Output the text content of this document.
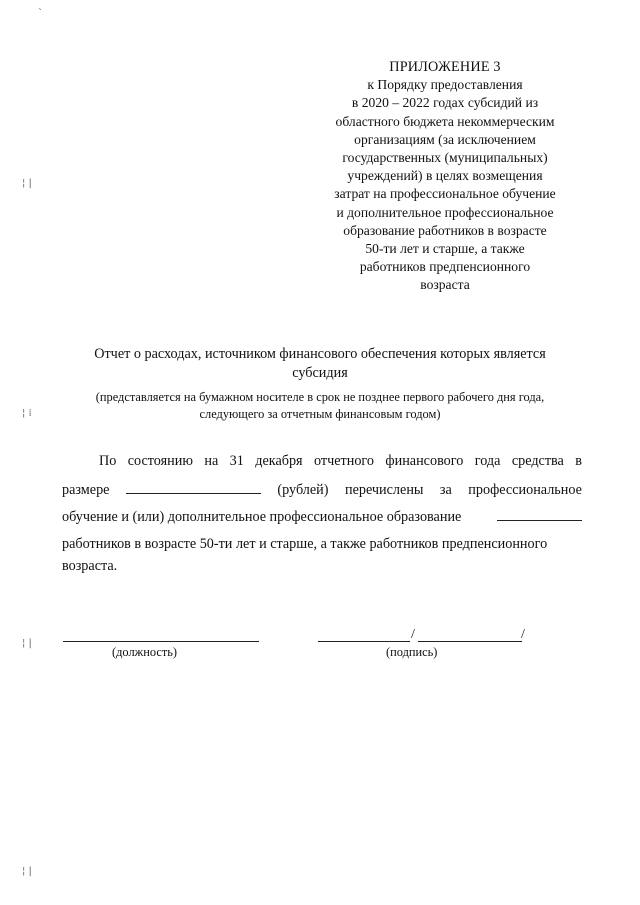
ПРИЛОЖЕНИЕ 3
к Порядку предоставления
в 2020 – 2022 годах субсидий из
областного бюджета некоммерческим
организациям (за исключением
государственных (муниципальных)
учреждений) в целях возмещения
затрат на профессиональное обучение
и дополнительное профессиональное
образование работников в возрасте
50-ти лет и старше, а также
работников предпенсионного
возраста
Отчет о расходах, источником финансового обеспечения которых является
субсидия
(представляется на бумажном носителе в срок не позднее первого рабочего дня года,
следующего за отчетным финансовым годом)
По состоянию на 31 декабря отчетного финансового года средства в
размере	(рублей) перечислены за профессиональное
обучение и (или) дополнительное профессиональное образование
работников в возрасте 50-ти лет и старше, а также работников предпенсионного
возраста.
/	/
(должность)	(подпись)
ˋ
¦ |
¦ ⁞
¦ |
¦ |
